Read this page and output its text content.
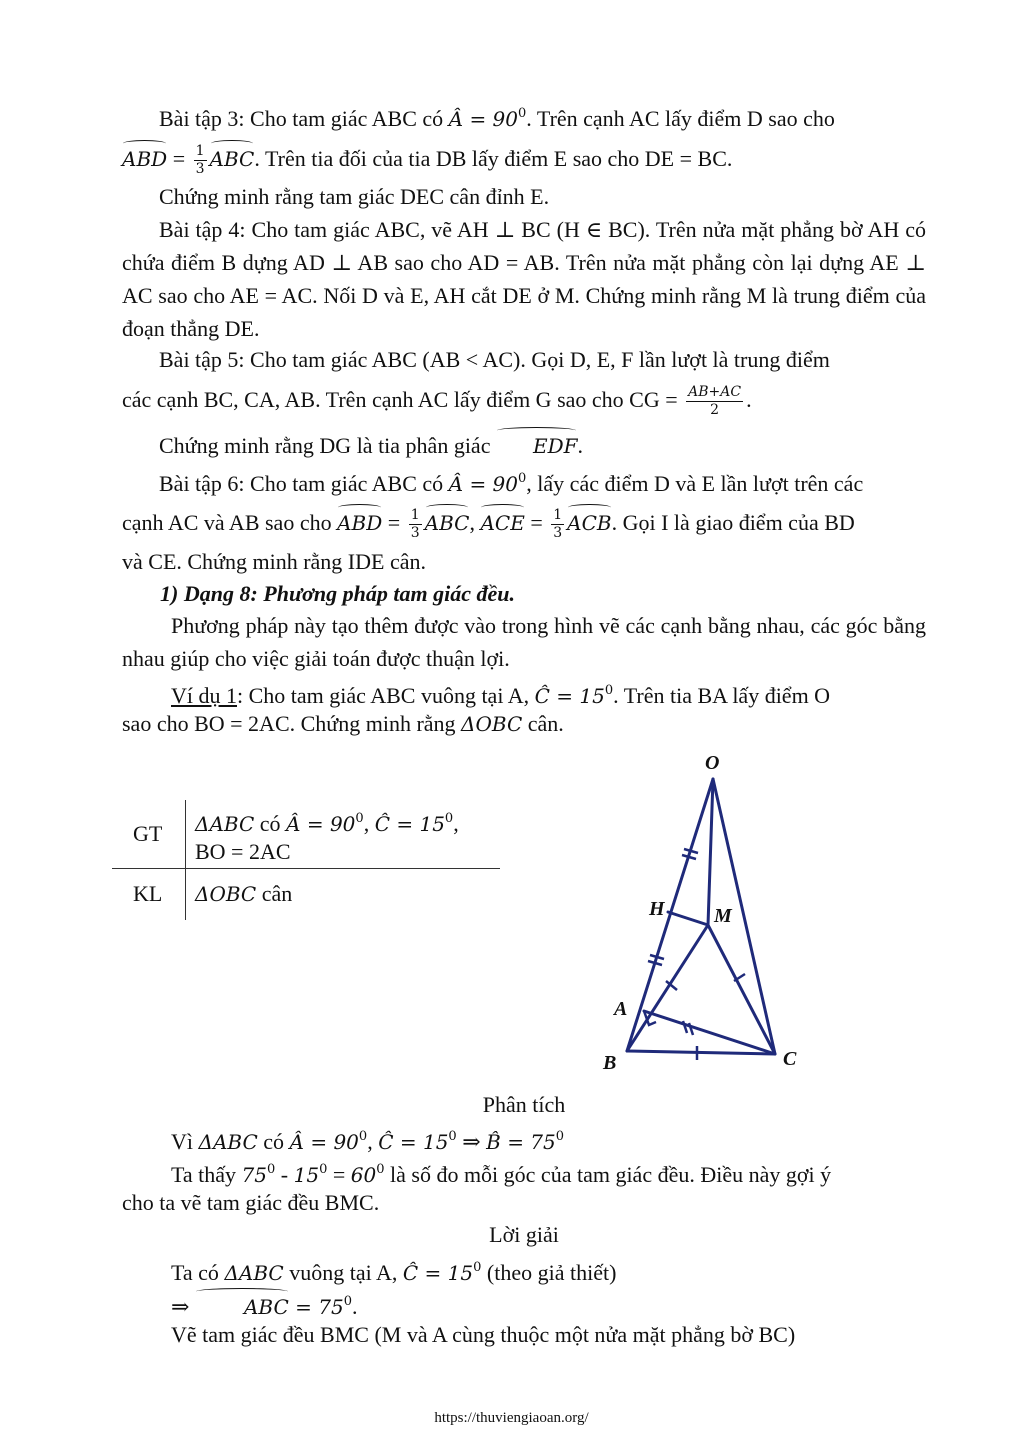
Bài tập 3: Cho tam giác ABC có Â = $90^0$. Trên cạnh AC lấy điểm D sao cho

ABD = $\frac{1}{3}$ ABC. Trên tia đối của tia DB lấy điểm E sao cho DE = BC.

Chứng minh rằng tam giác DEC cân đỉnh E.

Bài tập 4: Cho tam giác ABC, vẽ AH ⊥ BC (H ∈ BC). Trên nửa mặt phẳng bờ AH có chứa điểm B dựng AD ⊥ AB sao cho AD = AB. Trên nửa mặt phẳng còn lại dựng AE ⊥ AC sao cho AE = AC. Nối D và E, AH cắt DE ở M. Chứng minh rằng M là trung điểm của đoạn thẳng DE.

Bài tập 5: Cho tam giác ABC (AB < AC). Gọi D, E, F lần lượt là trung điểm

các cạnh BC, CA, AB. Trên cạnh AC lấy điểm G sao cho CG = $\frac{AB+AC}{2}$ .

Chứng minh rằng DG là tia phân giác EDF.

Bài tập 6: Cho tam giác ABC có Â = $90^0$, lấy các điểm D và E lần lượt trên các

cạnh AC và AB sao cho ABD = $\frac{1}{3}$ ABC, ACE = $\frac{1}{3}$ ACB. Gọi I là giao điểm của BD

và CE. Chứng minh rằng IDE cân.

1) Dạng 8: Phương pháp tam giác đều.

Phương pháp này tạo thêm được vào trong hình vẽ các cạnh bằng nhau, các góc bằng nhau giúp cho việc giải toán được thuận lợi.

Ví dụ 1: Cho tam giác ABC vuông tại A, Ĉ = $15^0$. Trên tia BA lấy điểm O

sao cho BO = 2AC. Chứng minh rằng ΔOBC cân.

GT ΔABC có Â = $90^0$, Ĉ = $15^0$,
BO = 2AC
KL ΔOBC cân
O
H M
A
B	C

Phân tích

Vì ΔABC có Â = $90^0$, Ĉ = $15^0$ ⇒ B̂ = $75^0$

Ta thấy $75^0 - 15^0 = 60^0$ là số đo mỗi góc của tam giác đều. Điều này gợi ý

cho ta vẽ tam giác đều BMC.

Lời giải

Ta có ΔABC vuông tại A, Ĉ = $15^0$ (theo giả thiết)

⇒ ABC = $75^0$.

Vẽ tam giác đều BMC (M và A cùng thuộc một nửa mặt phẳng bờ BC)

https://thuviengiaoan.org/
